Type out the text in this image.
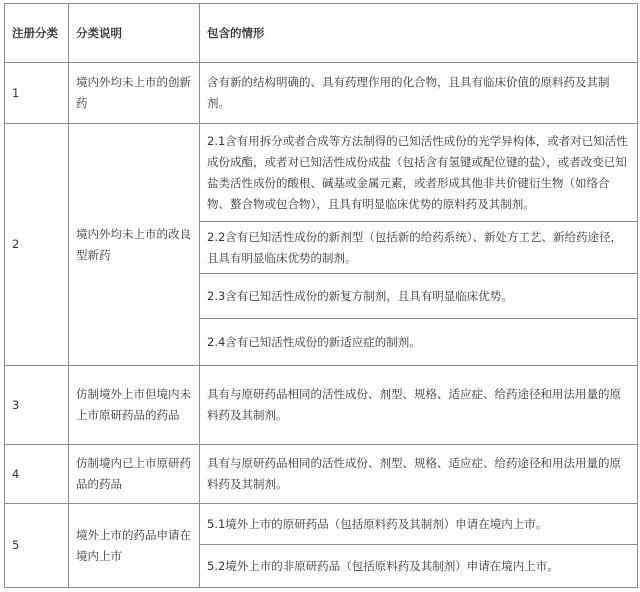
注册分类	分类说明	包含的情形
1	境内外均未上市的创新药	含有新的结构明确的、具有药理作用的化合物，且具有临床价值的原料药及其制剂。
2	境内外均未上市的改良型新药	2.1含有用拆分或者合成等方法制得的已知活性成份的光学异构体，或者对已知活性成份成酯，或者对已知活性成份成盐（包括含有氢键或配位键的盐），或者改变已知盐类活性成份的酸根、碱基或金属元素，或者形成其他非共价键衍生物（如络合物、螯合物或包合物），且具有明显临床优势的原料药及其制剂。
		2.2含有已知活性成份的新剂型（包括新的给药系统）、新处方工艺、新给药途径，且具有明显临床优势的制剂。
		2.3含有已知活性成份的新复方制剂，且具有明显临床优势。
		2.4含有已知活性成份的新适应症的制剂。
3	仿制境外上市但境内未上市原研药品的药品	具有与原研药品相同的活性成份、剂型、规格、适应症、给药途径和用法用量的原料药及其制剂。
4	仿制境内已上市原研药品的药品	具有与原研药品相同的活性成份、剂型、规格、适应症、给药途径和用法用量的原料药及其制剂。
5	境外上市的药品申请在境内上市	5.1境外上市的原研药品（包括原料药及其制剂）申请在境内上市。
		5.2境外上市的非原研药品（包括原料药及其制剂）申请在境内上市。
